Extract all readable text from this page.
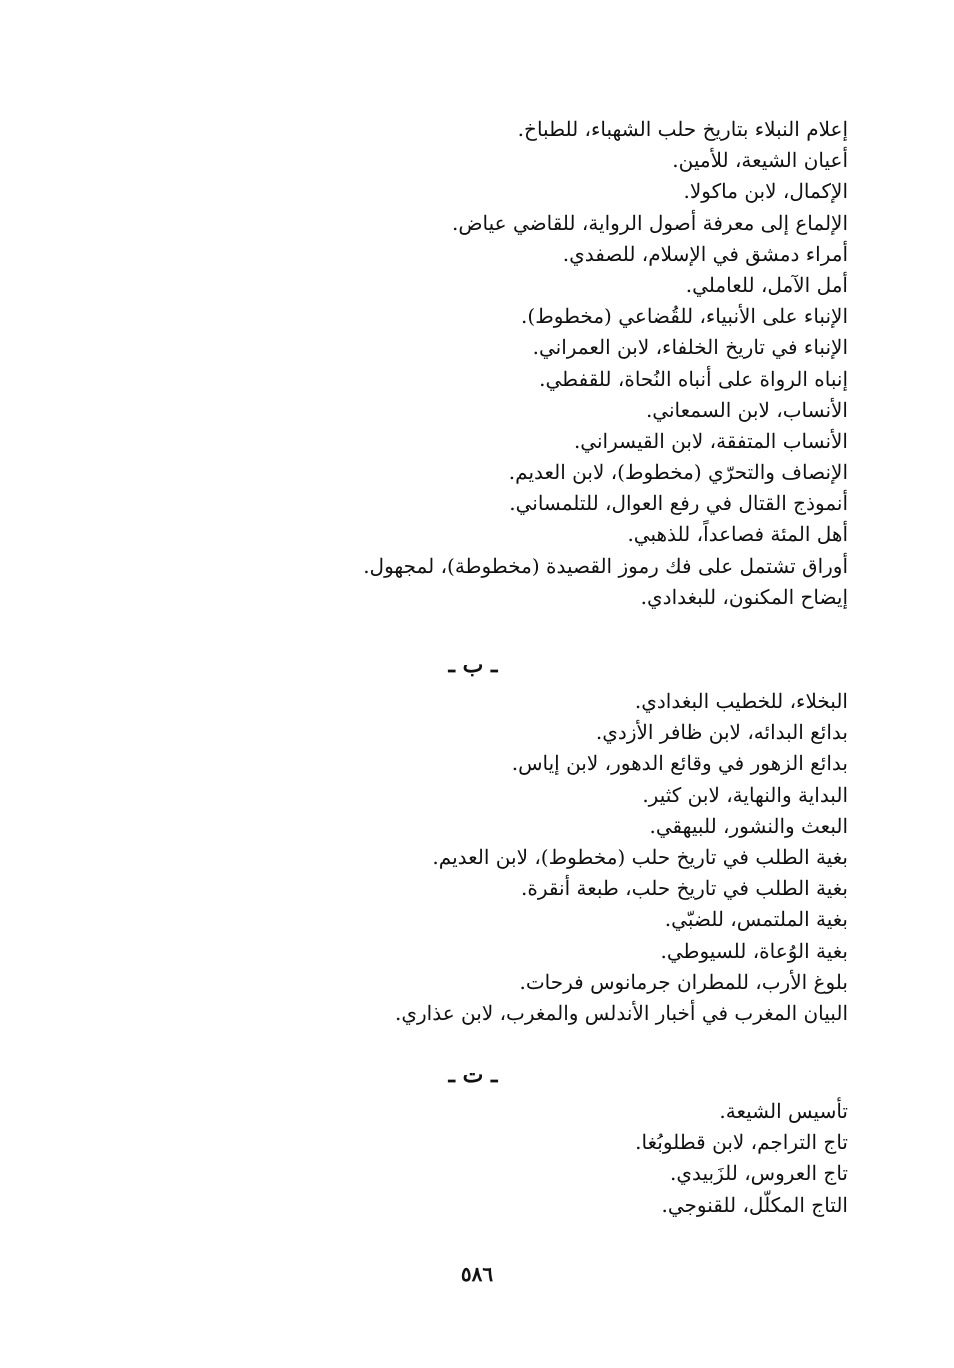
إعلام النبلاء بتاريخ حلب الشهباء، للطباخ.
أعيان الشيعة، للأمين.
الإكمال، لابن ماكولا.
الإلماع إلى معرفة أصول الرواية، للقاضي عياض.
أمراء دمشق في الإسلام، للصفدي.
أمل الآمل، للعاملي.
الإنباء على الأنبياء، للقُضاعي (مخطوط).
الإنباء في تاريخ الخلفاء، لابن العمراني.
إنباه الرواة على أنباه النُحاة، للقفطي.
الأنساب، لابن السمعاني.
الأنساب المتفقة، لابن القيسراني.
الإنصاف والتحرّي (مخطوط)، لابن العديم.
أنموذج القتال في رفع العوال، للتلمساني.
أهل المئة فصاعداً، للذهبي.
أوراق تشتمل على فك رموز القصيدة (مخطوطة)، لمجهول.
إيضاح المكنون، للبغدادي.
ـ ب ـ
البخلاء، للخطيب البغدادي.
بدائع البدائه، لابن ظافر الأزدي.
بدائع الزهور في وقائع الدهور، لابن إياس.
البداية والنهاية، لابن كثير.
البعث والنشور، للبيهقي.
بغية الطلب في تاريخ حلب (مخطوط)، لابن العديم.
بغية الطلب في تاريخ حلب، طبعة أنقرة.
بغية الملتمس، للضبّي.
بغية الوُعاة، للسيوطي.
بلوغ الأرب، للمطران جرمانوس فرحات.
البيان المغرب في أخبار الأندلس والمغرب، لابن عذاري.
ـ ت ـ
تأسيس الشيعة.
تاج التراجم، لابن قطلوبُغا.
تاج العروس، للزَبيدي.
التاج المكلّل، للقنوجي.
٥٨٦
